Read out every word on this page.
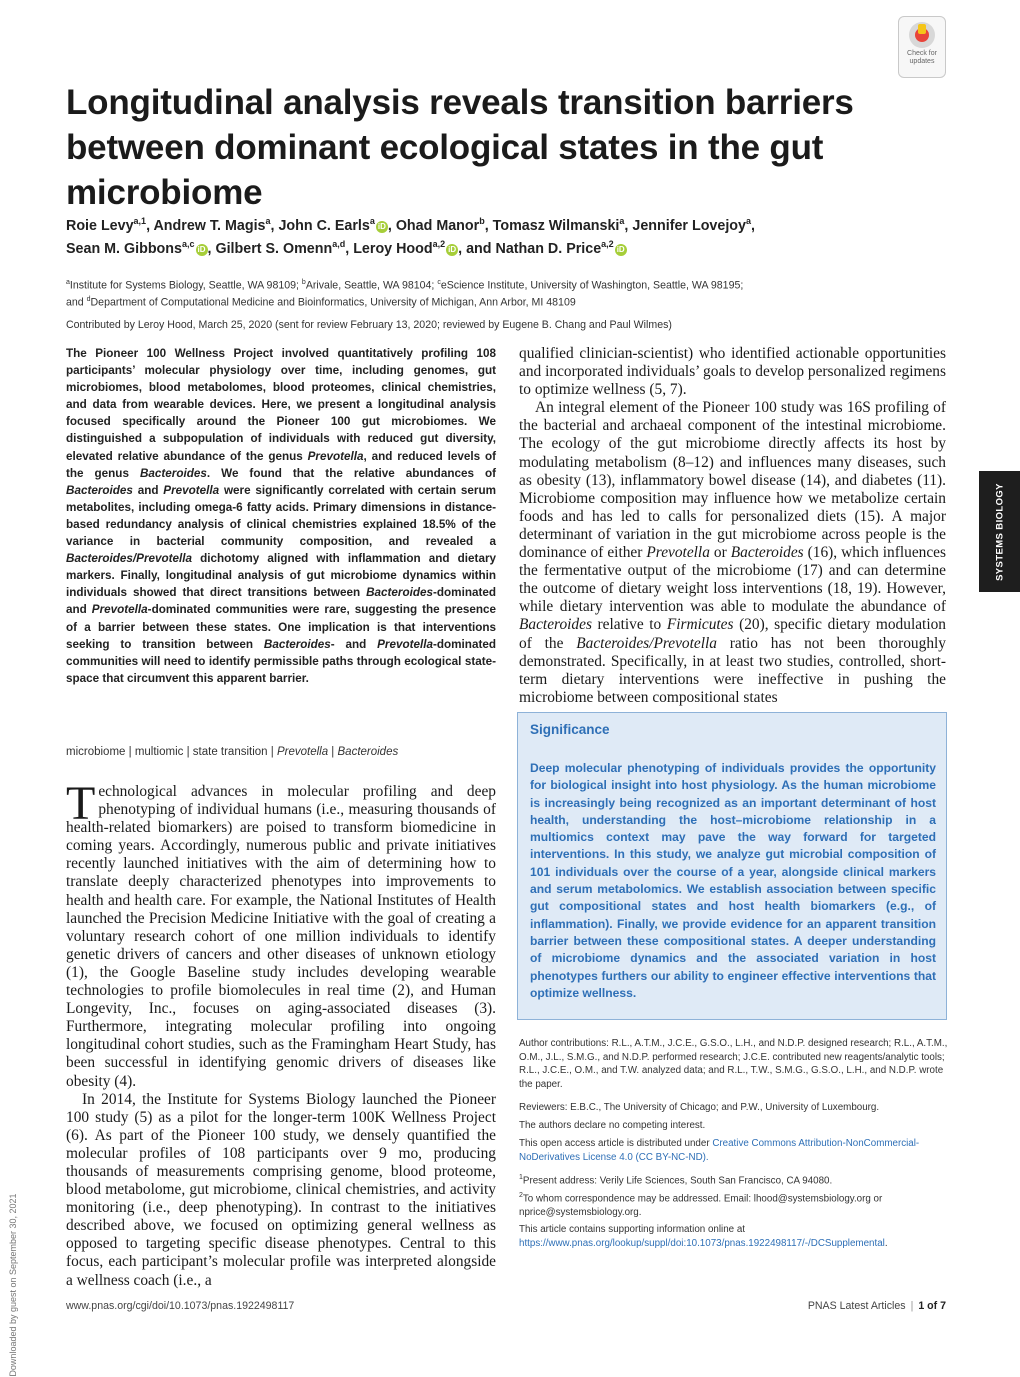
Check for
updates
Longitudinal analysis reveals transition barriers between dominant ecological states in the gut microbiome
Roie Levy$^{a,1}$, Andrew T. Magis$^a$, John C. Earls$^a$iD , Ohad Manor$^b$, Tomasz Wilmanski$^a$, Jennifer Lovejoy$^a$,
Sean M. Gibbons$^{a,c}$iD , Gilbert S. Omenn$^{a,d}$, Leroy Hood$^{a,2}$iD , and Nathan D. Price$^{a,2}$iD
$^a$Institute for Systems Biology, Seattle, WA 98109; $^b$Arivale, Seattle, WA 98104; $^c$eScience Institute, University of Washington, Seattle, WA 98195;
and $^d$Department of Computational Medicine and Bioinformatics, University of Michigan, Ann Arbor, MI 48109
Contributed by Leroy Hood, March 25, 2020 (sent for review February 13, 2020; reviewed by Eugene B. Chang and Paul Wilmes)
The Pioneer 100 Wellness Project involved quantitatively profiling 108 participants’ molecular physiology over time, including genomes, gut microbiomes, blood metabolomes, blood proteomes, clinical chemistries, and data from wearable devices. Here, we present a longitudinal analysis focused specifically around the Pioneer 100 gut microbiomes. We distinguished a subpopulation of individuals with reduced gut diversity, elevated relative abundance of the genus Prevotella, and reduced levels of the genus Bacteroides. We found that the relative abundances of Bacteroides and Prevotella were significantly correlated with certain serum metabolites, including omega-6 fatty acids. Primary dimensions in distance-based redundancy analysis of clinical chemistries explained 18.5% of the variance in bacterial community composition, and revealed a Bacteroides/Prevotella dichotomy aligned with inflammation and dietary markers. Finally, longitudinal analysis of gut microbiome dynamics within individuals showed that direct transitions between Bacteroides-dominated and Prevotella-dominated communities were rare, suggesting the presence of a barrier between these states. One implication is that interventions seeking to transition between Bacteroides- and Prevotella-dominated communities will need to identify permissible paths through ecological state-space that circumvent this apparent barrier.
microbiome | multiomic | state transition | Prevotella | Bacteroides

Technological advances in molecular profiling and deep phenotyping of individual humans (i.e., measuring thousands of health-related biomarkers) are poised to transform biomedicine in coming years. Accordingly, numerous public and private initiatives recently launched initiatives with the aim of determining how to translate deeply characterized phenotypes into improvements to health and health care. For example, the National Institutes of Health launched the Precision Medicine Initiative with the goal of creating a voluntary research cohort of one million individuals to identify genetic drivers of cancers and other diseases of unknown etiology (1), the Google Baseline study includes developing wearable technologies to profile biomolecules in real time (2), and Human Longevity, Inc., focuses on aging-associated diseases (3). Furthermore, integrating molecular profiling into ongoing longitudinal cohort studies, such as the Framingham Heart Study, has been successful in identifying genomic drivers of diseases like obesity (4).

In 2014, the Institute for Systems Biology launched the Pioneer 100 study (5) as a pilot for the longer-term 100K Wellness Project (6). As part of the Pioneer 100 study, we densely quantified the molecular profiles of 108 participants over 9 mo, producing thousands of measurements comprising genome, blood proteome, blood metabolome, gut microbiome, clinical chemistries, and activity monitoring (i.e., deep phenotyping). In contrast to the initiatives described above, we focused on optimizing general wellness as opposed to targeting specific disease phenotypes. Central to this focus, each participant’s molecular profile was interpreted alongside a wellness coach (i.e., a

qualified clinician-scientist) who identified actionable opportunities and incorporated individuals’ goals to develop personalized regimens to optimize wellness (5, 7).

An integral element of the Pioneer 100 study was 16S profiling of the bacterial and archaeal component of the intestinal microbiome. The ecology of the gut microbiome directly affects its host by modulating metabolism (8–12) and influences many diseases, such as obesity (13), inflammatory bowel disease (14), and diabetes (11). Microbiome composition may influence how we metabolize certain foods and has led to calls for personalized diets (15). A major determinant of variation in the gut microbiome across people is the dominance of either Prevotella or Bacteroides (16), which influences the fermentative output of the microbiome (17) and can determine the outcome of dietary weight loss interventions (18, 19). However, while dietary intervention was able to modulate the abundance of Bacteroides relative to Firmicutes (20), specific dietary modulation of the Bacteroides/Prevotella ratio has not been thoroughly demonstrated. Specifically, in at least two studies, controlled, short-term dietary interventions were ineffective in pushing the microbiome between compositional states

Significance
Deep molecular phenotyping of individuals provides the opportunity for biological insight into host physiology. As the human microbiome is increasingly being recognized as an important determinant of host health, understanding the host–microbiome relationship in a multiomics context may pave the way forward for targeted interventions. In this study, we analyze gut microbial composition of 101 individuals over the course of a year, alongside clinical markers and serum metabolomics. We establish association between specific gut compositional states and host health biomarkers (e.g., of inflammation). Finally, we provide evidence for an apparent transition barrier between these compositional states. A deeper understanding of microbiome dynamics and the associated variation in host phenotypes furthers our ability to engineer effective interventions that optimize wellness.
Author contributions: R.L., A.T.M., J.C.E., G.S.O., L.H., and N.D.P. designed research; R.L., A.T.M., O.M., J.L., S.M.G., and N.D.P. performed research; J.C.E. contributed new reagents/analytic tools; R.L., J.C.E., O.M., and T.W. analyzed data; and R.L., T.W., S.M.G., G.S.O., L.H., and N.D.P. wrote the paper.
Reviewers: E.B.C., The University of Chicago; and P.W., University of Luxembourg.
The authors declare no competing interest.
This open access article is distributed under Creative Commons Attribution-NonCommercial-NoDerivatives License 4.0 (CC BY-NC-ND).
$^1$Present address: Verily Life Sciences, South San Francisco, CA 94080.
$^2$To whom correspondence may be addressed. Email: lhood@systemsbiology.org or nprice@systemsbiology.org.
This article contains supporting information online at https://www.pnas.org/lookup/suppl/doi:10.1073/pnas.1922498117/-/DCSupplemental.
SYSTEMS BIOLOGY
Downloaded by guest on September 30, 2021	www.pnas.org/cgi/doi/10.1073/pnas.1922498117	PNAS Latest Articles | 1 of 7
